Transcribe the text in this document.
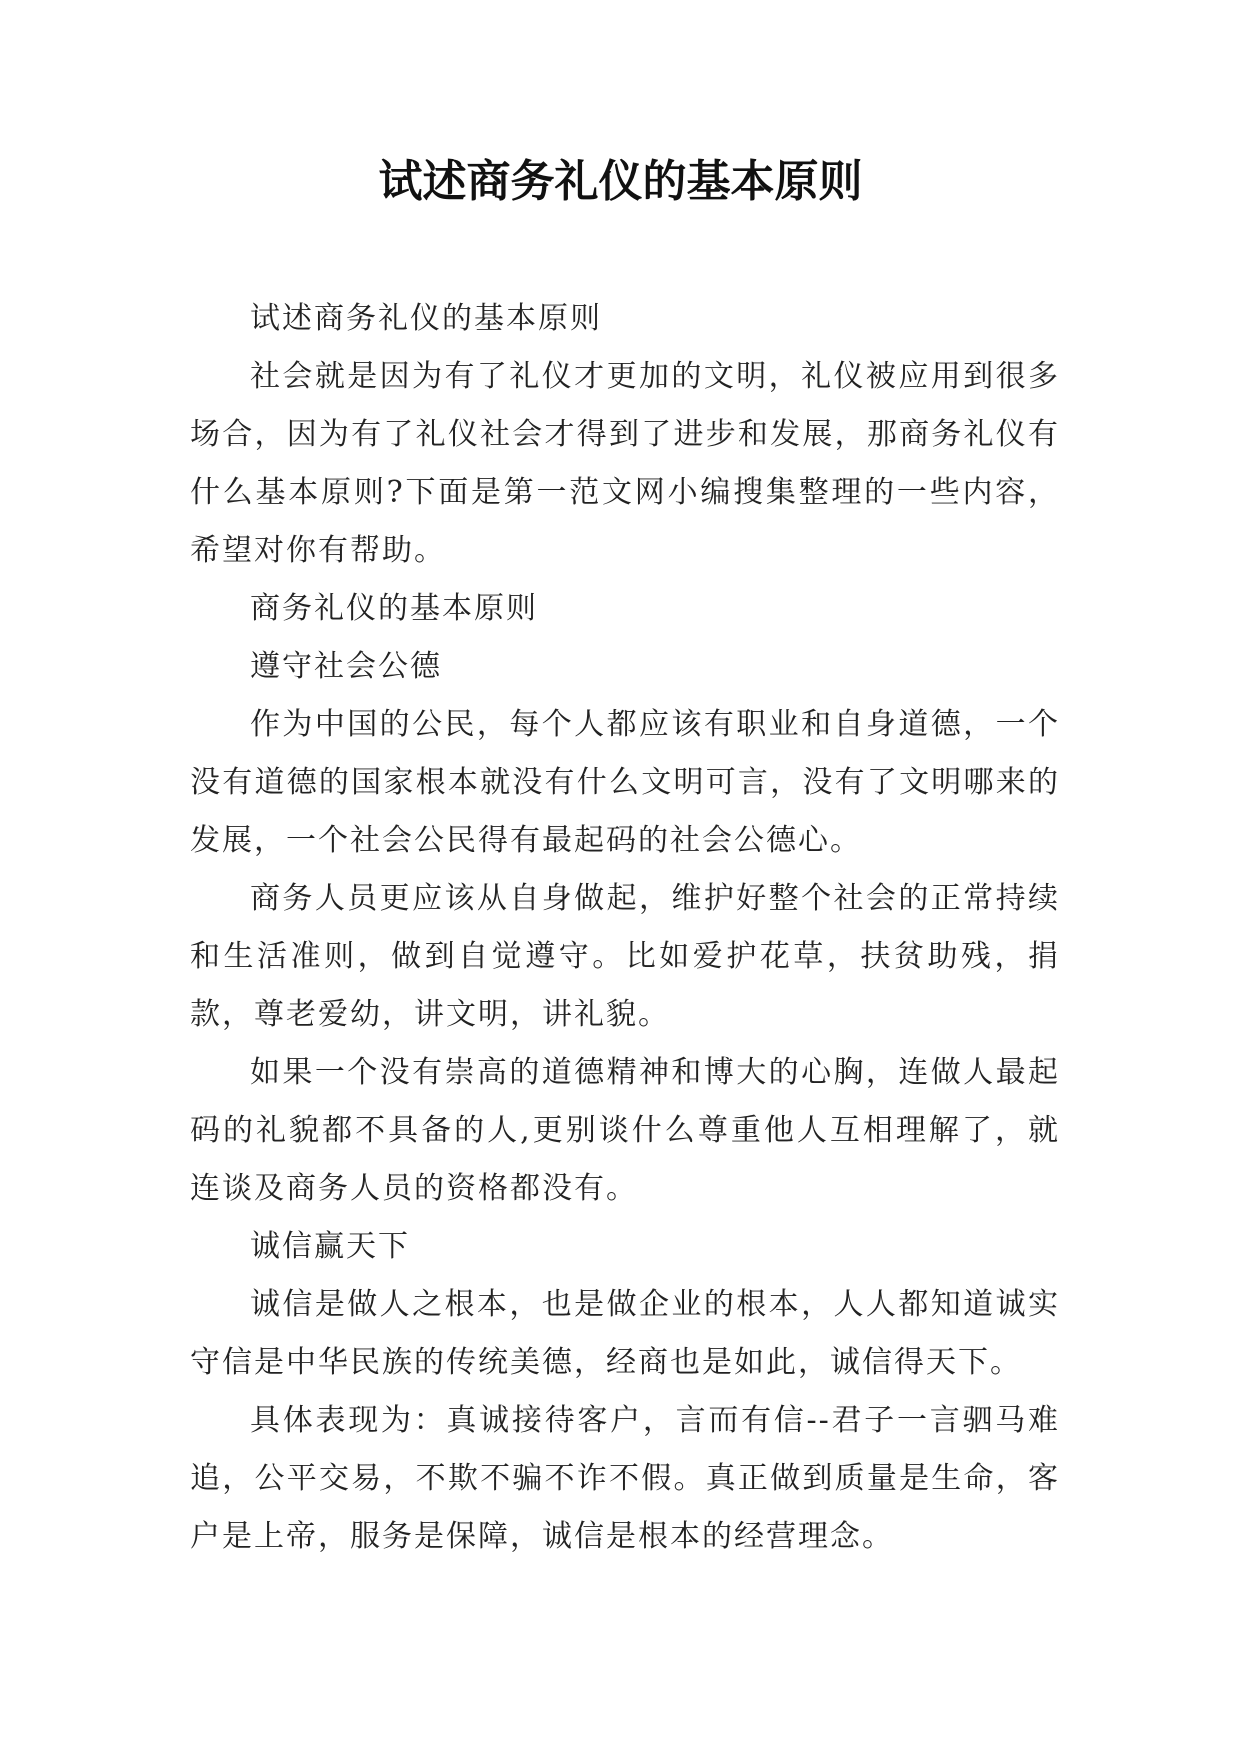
试述商务礼仪的基本原则

试述商务礼仪的基本原则

社会就是因为有了礼仪才更加的文明，礼仪被应用到很多场合，因为有了礼仪社会才得到了进步和发展，那商务礼仪有什么基本原则?下面是第一范文网小编搜集整理的一些内容，希望对你有帮助。

商务礼仪的基本原则

遵守社会公德

作为中国的公民，每个人都应该有职业和自身道德，一个没有道德的国家根本就没有什么文明可言，没有了文明哪来的发展，一个社会公民得有最起码的社会公德心。

商务人员更应该从自身做起，维护好整个社会的正常持续和生活准则，做到自觉遵守。比如爱护花草，扶贫助残，捐款，尊老爱幼，讲文明，讲礼貌。

如果一个没有崇高的道德精神和博大的心胸，连做人最起码的礼貌都不具备的人,更别谈什么尊重他人互相理解了，就连谈及商务人员的资格都没有。

诚信赢天下

诚信是做人之根本，也是做企业的根本，人人都知道诚实守信是中华民族的传统美德，经商也是如此，诚信得天下。

具体表现为：真诚接待客户，言而有信--君子一言驷马难追，公平交易，不欺不骗不诈不假。真正做到质量是生命，客户是上帝，服务是保障，诚信是根本的经营理念。
